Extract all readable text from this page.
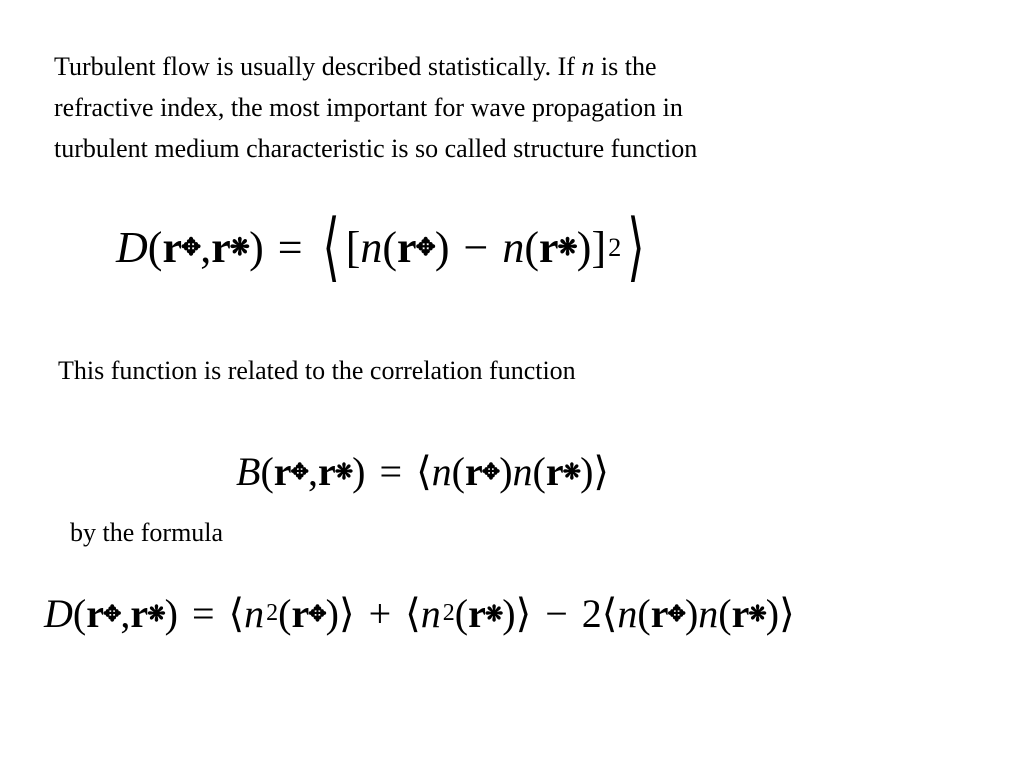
Turbulent flow is usually described statistically. If n is the
refractive index, the most important for wave propagation in
turbulent medium characteristic is so called structure function

D ( r ✥ , r ❋ ) = ⟨ [ n ( r ✥ ) − n ( r ❋ ) ] 2 ⟩

This function is related to the correlation function

B ( r ✥ , r ❋ ) = ⟨ n ( r ✥ ) n ( r ❋ ) ⟩

by the formula

D ( r ✥ , r ❋ ) = ⟨ n 2 ( r ✥ ) ⟩ + ⟨ n 2 ( r ❋ ) ⟩ − 2 ⟨ n ( r ✥ ) n ( r ❋ ) ⟩
